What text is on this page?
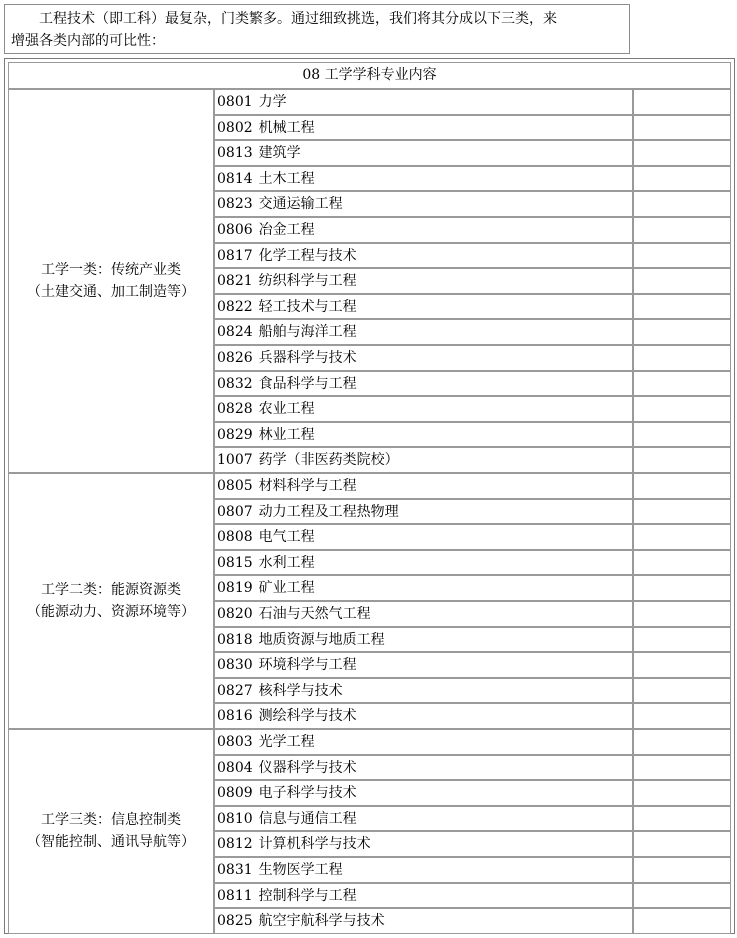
工程技术（即工科）最复杂，门类繁多。通过细致挑选，我们将其分成以下三类，来
增强各类内部的可比性：

08 工学学科专业内容
工学一类：传统产业类
（土建交通、加工制造等）
0801 力学
0802 机械工程
0813 建筑学
0814 土木工程
0823 交通运输工程
0806 冶金工程
0817 化学工程与技术
0821 纺织科学与工程
0822 轻工技术与工程
0824 船舶与海洋工程
0826 兵器科学与技术
0832 食品科学与工程
0828 农业工程
0829 林业工程
1007 药学（非医药类院校）
工学二类：能源资源类
（能源动力、资源环境等）
0805 材料科学与工程
0807 动力工程及工程热物理
0808 电气工程
0815 水利工程
0819 矿业工程
0820 石油与天然气工程
0818 地质资源与地质工程
0830 环境科学与工程
0827 核科学与技术
0816 测绘科学与技术
工学三类：信息控制类
（智能控制、通讯导航等）
0803 光学工程
0804 仪器科学与技术
0809 电子科学与技术
0810 信息与通信工程
0812 计算机科学与技术
0831 生物医学工程
0811 控制科学与工程
0825 航空宇航科学与技术
